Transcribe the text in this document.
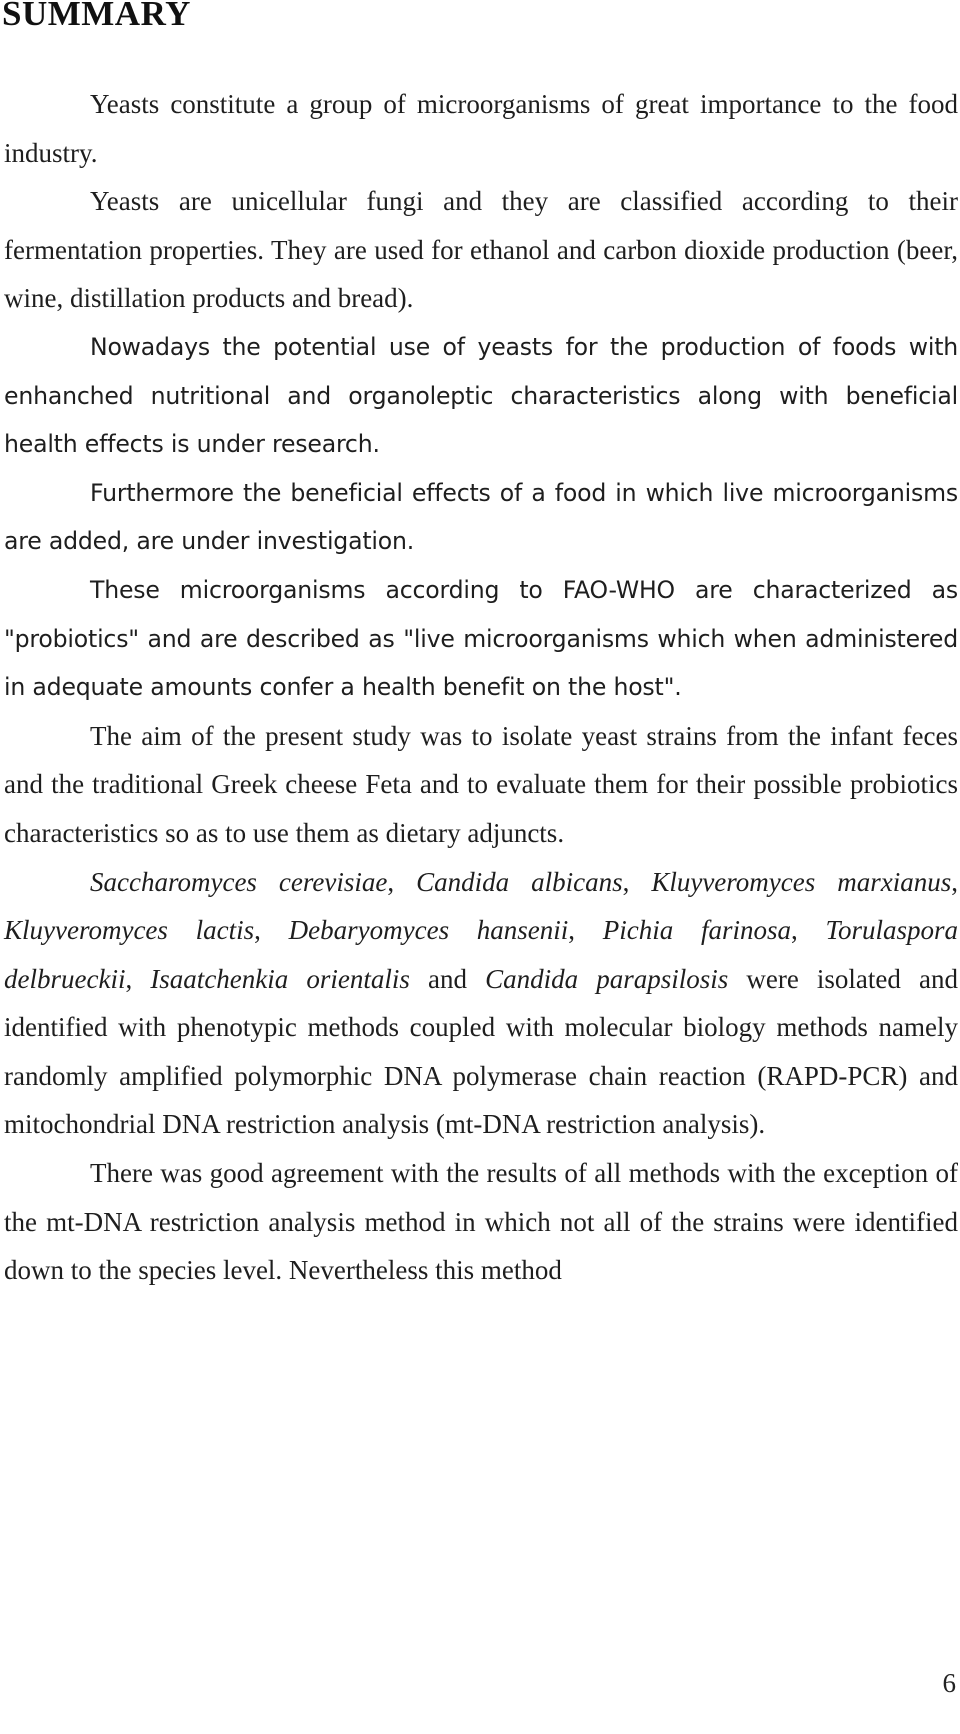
SUMMARY

Yeasts constitute a group of microorganisms of great importance to the food industry.

Yeasts are unicellular fungi and they are classified according to their fermentation properties. They are used for ethanol and carbon dioxide production (beer, wine, distillation products and bread).

Nowadays the potential use of yeasts for the production of foods with enhanched nutritional and organoleptic characteristics along with beneficial health effects is under research.

Furthermore the beneficial effects of a food in which live microorganisms are added, are under investigation.

These microorganisms according to FAO-WHO are characterized as "probiotics" and are described as "live microorganisms which when administered in adequate amounts confer a health benefit on the host".

The aim of the present study was to isolate yeast strains from the infant feces and the traditional Greek cheese Feta and to evaluate them for their possible probiotics characteristics so as to use them as dietary adjuncts.

Saccharomyces cerevisiae, Candida albicans, Kluyveromyces marxianus, Kluyveromyces lactis, Debaryomyces hansenii, Pichia farinosa, Torulaspora delbrueckii, Isaatchenkia orientalis and Candida parapsilosis were isolated and identified with phenotypic methods coupled with molecular biology methods namely randomly amplified polymorphic DNA polymerase chain reaction (RAPD-PCR) and mitochondrial DNA restriction analysis (mt-DNA restriction analysis).

There was good agreement with the results of all methods with the exception of the mt-DNA restriction analysis method in which not all of the strains were identified down to the species level. Nevertheless this method

6
